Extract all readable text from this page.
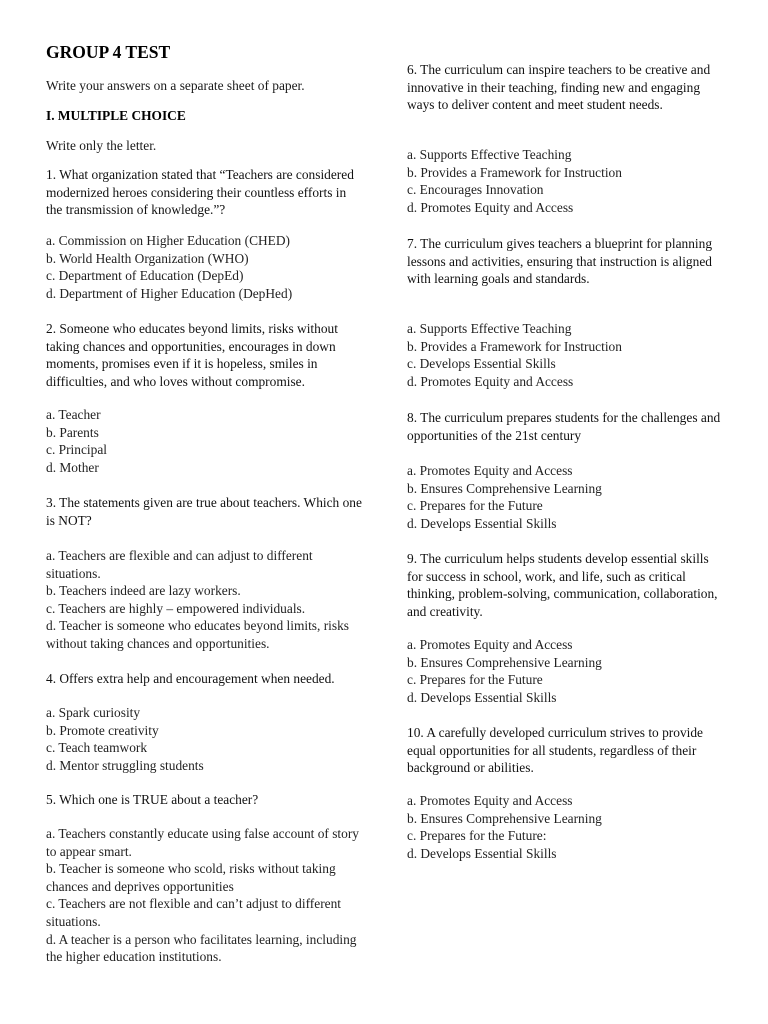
GROUP 4 TEST
Write your answers on a separate sheet of paper.
I. MULTIPLE CHOICE
Write only the letter.
1. What organization stated that “Teachers are considered modernized heroes considering their countless efforts in the transmission of knowledge.”?
a. Commission on Higher Education (CHED)
b. World Health Organization (WHO)
c. Department of Education (DepEd)
d. Department of Higher Education (DepHed)
2. Someone who educates beyond limits, risks without taking chances and opportunities, encourages in down moments, promises even if it is hopeless, smiles in difficulties, and who loves without compromise.
a. Teacher
b. Parents
c. Principal
d. Mother
3. The statements given are true about teachers. Which one is NOT?
a. Teachers are flexible and can adjust to different situations.
b. Teachers indeed are lazy workers.
c. Teachers are highly – empowered individuals.
d. Teacher is someone who educates beyond limits, risks without taking chances and opportunities.
4. Offers extra help and encouragement when needed.
a. Spark curiosity
b. Promote creativity
c. Teach teamwork
d. Mentor struggling students
5. Which one is TRUE about a teacher?
a. Teachers constantly educate using false account of story to appear smart.
b. Teacher is someone who scold, risks without taking chances and deprives opportunities
c. Teachers are not flexible and can’t adjust to different situations.
d. A teacher is a person who facilitates learning, including the higher education institutions.
6. The curriculum can inspire teachers to be creative and innovative in their teaching, finding new and engaging ways to deliver content and meet student needs.
a. Supports Effective Teaching
b. Provides a Framework for Instruction
c. Encourages Innovation
d. Promotes Equity and Access
7. The curriculum gives teachers a blueprint for planning lessons and activities, ensuring that instruction is aligned with learning goals and standards.
a. Supports Effective Teaching
b. Provides a Framework for Instruction
c. Develops Essential Skills
d. Promotes Equity and Access
8. The curriculum prepares students for the challenges and opportunities of the 21st century
a. Promotes Equity and Access
b. Ensures Comprehensive Learning
c. Prepares for the Future
d. Develops Essential Skills
9. The curriculum helps students develop essential skills for success in school, work, and life, such as critical thinking, problem-solving, communication, collaboration, and creativity.
a. Promotes Equity and Access
b. Ensures Comprehensive Learning
c. Prepares for the Future
d. Develops Essential Skills
10. A carefully developed curriculum strives to provide equal opportunities for all students, regardless of their background or abilities.
a. Promotes Equity and Access
b. Ensures Comprehensive Learning
c. Prepares for the Future:
d. Develops Essential Skills
